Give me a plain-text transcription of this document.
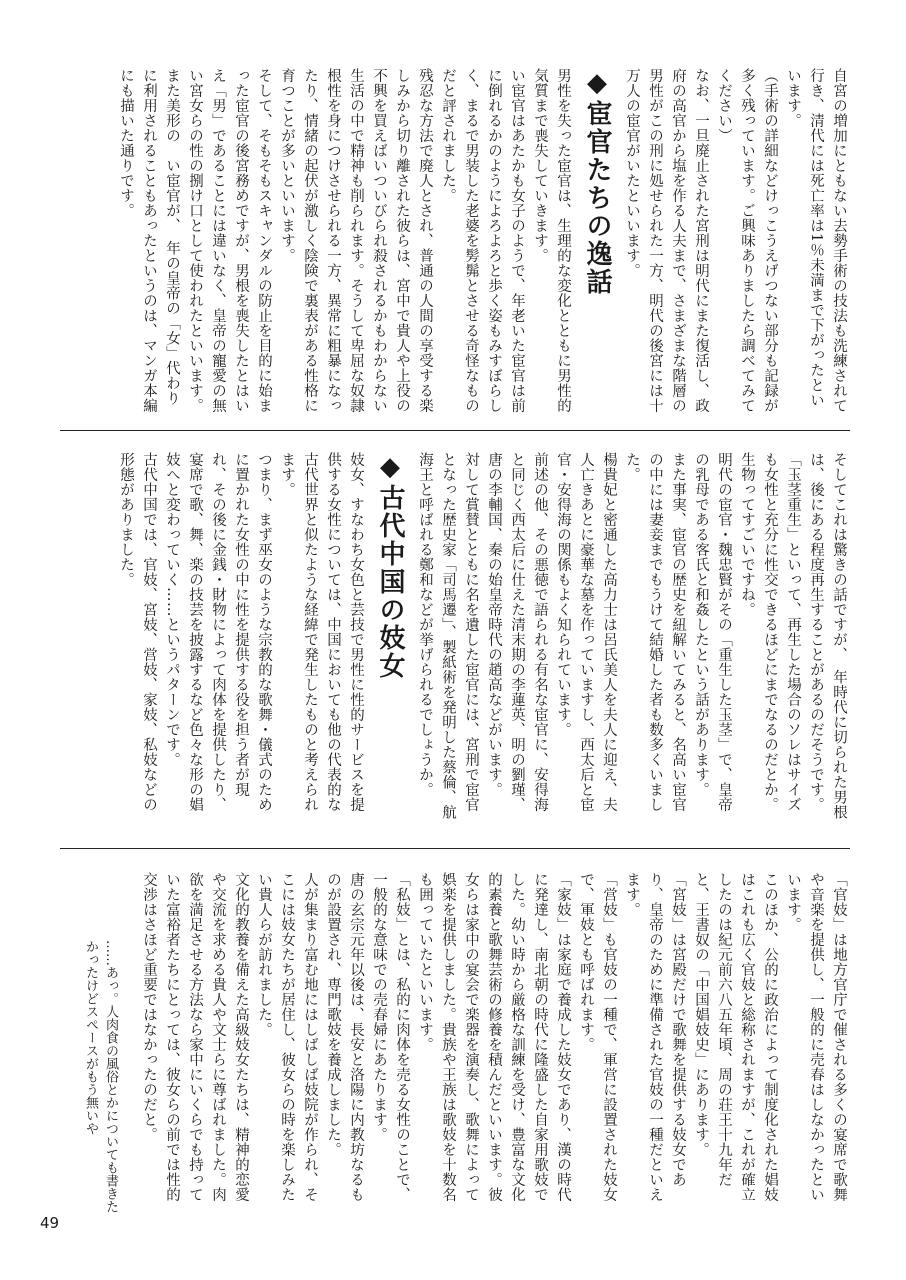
自宮の増加にともない去勢手術の技法も洗練されて行き、清代には死亡率は1％未満まで下がったといいます。

（手術の詳細などけっこうえげつない部分も記録が多く残っています。ご興味ありましたら調べてみてください）

なお、一旦廃止された宮刑は明代にまた復活し、政府の高官から塩を作る人夫まで、さまざまな階層の男性がこの刑に処せられた一方、明代の後宮には十万人の宦官がいたといいます。

◆宦官たちの逸話

男性を失った宦官は、生理的な変化とともに男性的気質まで喪失していきます。

い宦官はあたかも女子のようで、年老いた宦官は前に倒れるかのようによろよろと歩く姿もみすぼらしく、まるで男装した老婆を髣髴とさせる奇怪なものだと評されました。

残忍な方法で廃人とされ、普通の人間の享受する楽しみから切り離された彼らは、宮中で貴人や上役の不興を買えばいついびられ殺されるかもわからない生活の中で精神も削られます。そうして卑屈な奴隷根性を身につけさせられる一方、異常に粗暴になったり、情緒の起伏が激しく陰険で裏表がある性格に育つことが多いといいます。

そして、そもそもスキャンダルの防止を目的に始まった宦官の後宮務めですが、男根を喪失したとはいえ「男」であることには違いなく、皇帝の寵愛の無い宮女らの性の捌け口として使われたといいます。また美形の　い宦官が、　年の皇帝の「女」代わりに利用されることもあったというのは、マンガ本編にも描いた通りです。

そしてこれは驚きの話ですが、　年時代に切られた男根は、後にある程度再生することがあるのだそうです。

「玉茎重生」といって、再生した場合のソレはサイズも女性と充分に性交できるほどにまでなるのだとか。

生物ってすごいですね。

明代の宦官・魏忠賢がその「重生した玉茎」で、皇帝の乳母である客氏と和姦したという話があります。

また事実、宦官の歴史を紐解いてみると、名高い宦官の中には妻妾までもうけて結婚した者も数多くいました。

楊貴妃と密通した高力士は呂氏美人を夫人に迎え、夫人亡きあとに豪華な墓を作っていますし、西太后と宦官・安得海の関係もよく知られています。

前述の他、その悪徳で語られる有名な宦官に、安得海と同じく西太后に仕えた清末期の李蓮英、明の劉瑾、唐の李輔国、秦の始皇帝時代の趙高などがいます。

対して賞賛とともに名を遺した宦官には、宮刑で宦官となった歴史家「司馬遷」、製紙術を発明した蔡倫、航海王と呼ばれる鄭和などが挙げられるでしょうか。

◆古代中国の妓女

妓女、すなわち女色と芸技で男性に性的サービスを提供する女性については、中国においても他の代表的な古代世界と似たような経緯で発生したものと考えられます。

つまり、まず巫女のような宗教的な歌舞・儀式のために置かれた女性の中に性を提供する役を担う者が現れ、その後に金銭・財物によって肉体を提供したり、宴席で歌、舞、楽の技芸を披露するなど色々な形の娼妓へと変わっていく……というパターンです。

古代中国では、官妓、宮妓、営妓、家妓、私妓などの形態がありました。

「官妓」は地方官庁で催される多くの宴席で歌舞や音楽を提供し、一般的に売春はしなかったといいます。

このほか、公的に政治によって制度化された娼妓はこれも広く官妓と総称されますが、これが確立したのは紀元前六八五年頃、周の荘王十九年だと、王書奴の「中国娼妓史」にあります。

「宮妓」は宮殿だけで歌舞を提供する妓女であり、皇帝のために準備された官妓の一種だといえます。

「営妓」も官妓の一種で、軍営に設置された妓女で、軍妓とも呼ばれます。

「家妓」は家庭で養成した妓女であり、漢の時代に発達し、南北朝の時代に隆盛した自家用歌妓でした。幼い時から厳格な訓練を受け、豊富な文化的素養と歌舞芸術の修養を積んだといいます。彼女らは家中の宴会で楽器を演奏し、歌舞によって娯楽を提供しました。貴族や王族は歌妓を十数名も囲っていたといいます。

「私妓」とは、私的に肉体を売る女性のことで、一般的な意味での売春婦にあたります。

唐の玄宗元年以後は、長安と洛陽に内教坊なるものが設置され、専門歌妓を養成しました。

人が集まり富む地にはしばしば妓院が作られ、そこには妓女たちが居住し、彼女らの時を楽しみたい貴人らが訪れました。

文化的教養を備えた高級妓女たちは、精神的恋愛や交流を求める貴人や文士らに尊ばれました。肉欲を満足させる方法なら家中にいくらでも持っていた富裕者たちにとっては、彼女らの前では性的交渉はさほど重要ではなかったのだと。

……あっ。人肉食の風俗とかについても書きたかったけどスペースがもう無いや
49
